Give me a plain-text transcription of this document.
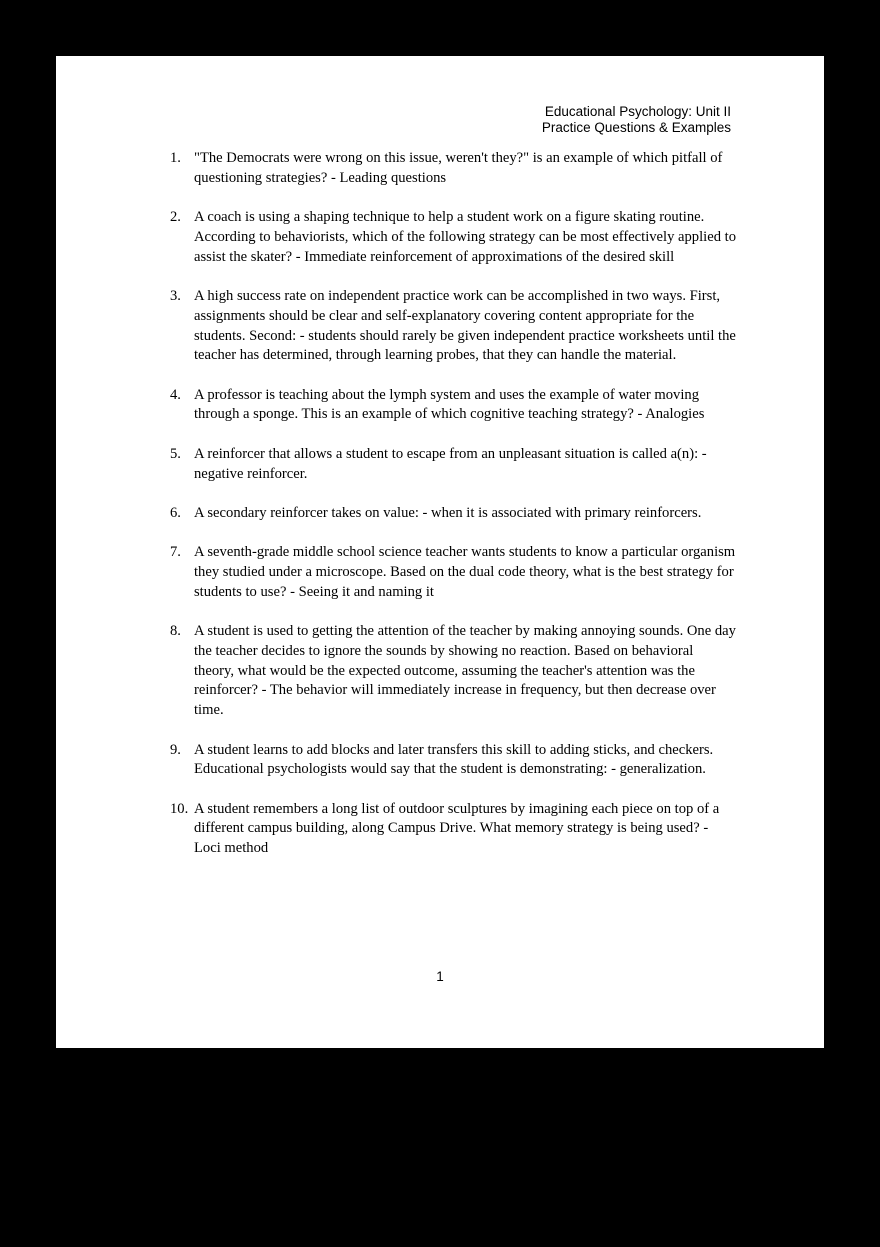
Educational Psychology: Unit II
Practice Questions & Examples
1. "The Democrats were wrong on this issue, weren't they?" is an example of which pitfall of questioning strategies? - Leading questions
2. A coach is using a shaping technique to help a student work on a figure skating routine. According to behaviorists, which of the following strategy can be most effectively applied to assist the skater? - Immediate reinforcement of approximations of the desired skill
3. A high success rate on independent practice work can be accomplished in two ways. First, assignments should be clear and self-explanatory covering content appropriate for the students. Second: - students should rarely be given independent practice worksheets until the teacher has determined, through learning probes, that they can handle the material.
4. A professor is teaching about the lymph system and uses the example of water moving through a sponge. This is an example of which cognitive teaching strategy? - Analogies
5. A reinforcer that allows a student to escape from an unpleasant situation is called a(n): - negative reinforcer.
6. A secondary reinforcer takes on value: - when it is associated with primary reinforcers.
7. A seventh-grade middle school science teacher wants students to know a particular organism they studied under a microscope. Based on the dual code theory, what is the best strategy for students to use? - Seeing it and naming it
8. A student is used to getting the attention of the teacher by making annoying sounds. One day the teacher decides to ignore the sounds by showing no reaction. Based on behavioral theory, what would be the expected outcome, assuming the teacher's attention was the reinforcer? - The behavior will immediately increase in frequency, but then decrease over time.
9. A student learns to add blocks and later transfers this skill to adding sticks, and checkers. Educational psychologists would say that the student is demonstrating: - generalization.
10. A student remembers a long list of outdoor sculptures by imagining each piece on top of a different campus building, along Campus Drive. What memory strategy is being used? - Loci method
1
